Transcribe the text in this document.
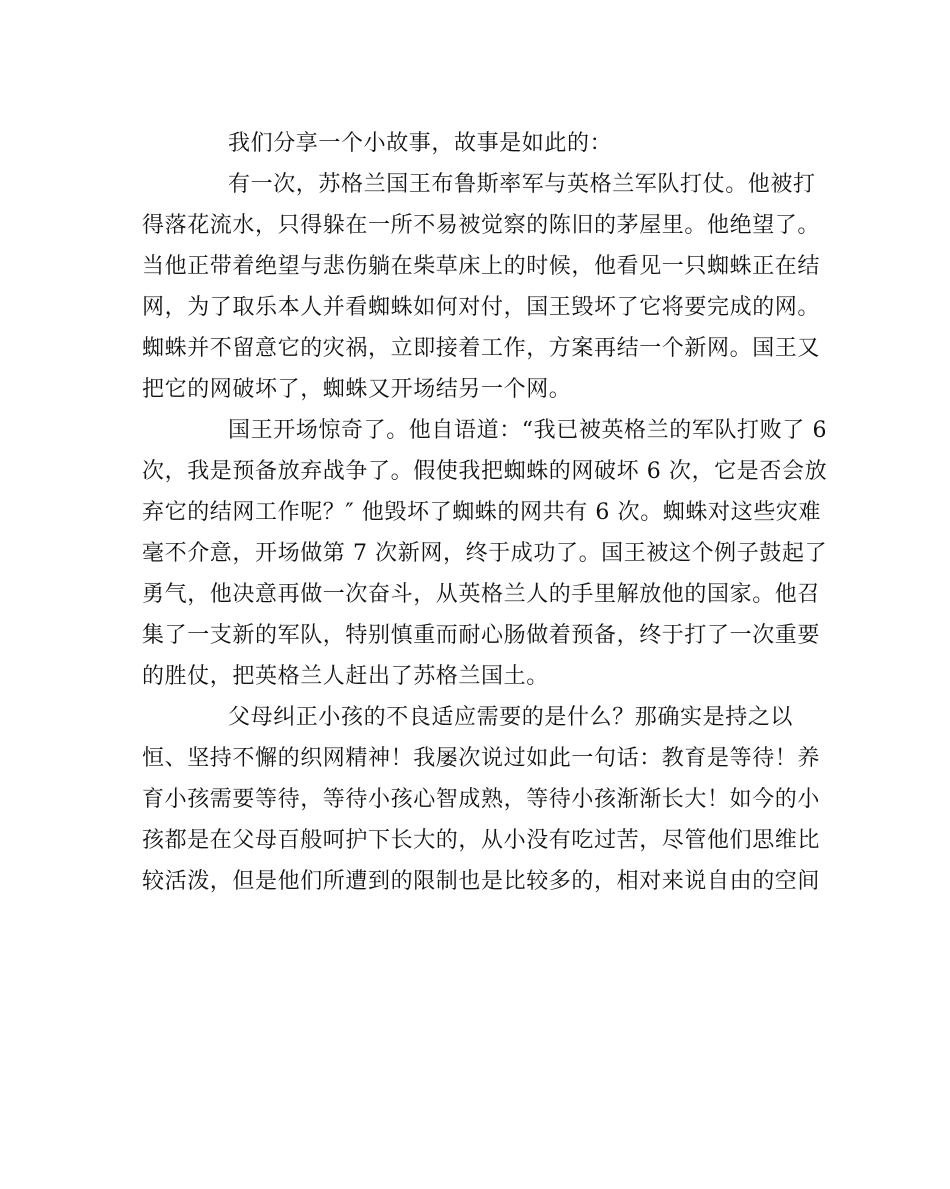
我们分享一个小故事，故事是如此的：
有一次，苏格兰国王布鲁斯率军与英格兰军队打仗。他被打
得落花流水，只得躲在一所不易被觉察的陈旧的茅屋里。他绝望了。
当他正带着绝望与悲伤躺在柴草床上的时候，他看见一只蜘蛛正在结
网，为了取乐本人并看蜘蛛如何对付，国王毁坏了它将要完成的网。
蜘蛛并不留意它的灾祸，立即接着工作，方案再结一个新网。国王又
把它的网破坏了，蜘蛛又开场结另一个网。
国王开场惊奇了。他自语道：“我已被英格兰的军队打败了 6
次，我是预备放弃战争了。假使我把蜘蛛的网破坏 6 次，它是否会放
弃它的结网工作呢？″ 他毁坏了蜘蛛的网共有 6 次。蜘蛛对这些灾难
毫不介意，开场做第 7 次新网，终于成功了。国王被这个例子鼓起了
勇气，他决意再做一次奋斗，从英格兰人的手里解放他的国家。他召
集了一支新的军队，特别慎重而耐心肠做着预备，终于打了一次重要
的胜仗，把英格兰人赶出了苏格兰国土。
父母纠正小孩的不良适应需要的是什么？那确实是持之以
恒、坚持不懈的织网精神！我屡次说过如此一句话：教育是等待！养
育小孩需要等待，等待小孩心智成熟，等待小孩渐渐长大！如今的小
孩都是在父母百般呵护下长大的，从小没有吃过苦，尽管他们思维比
较活泼，但是他们所遭到的限制也是比较多的，相对来说自由的空间
